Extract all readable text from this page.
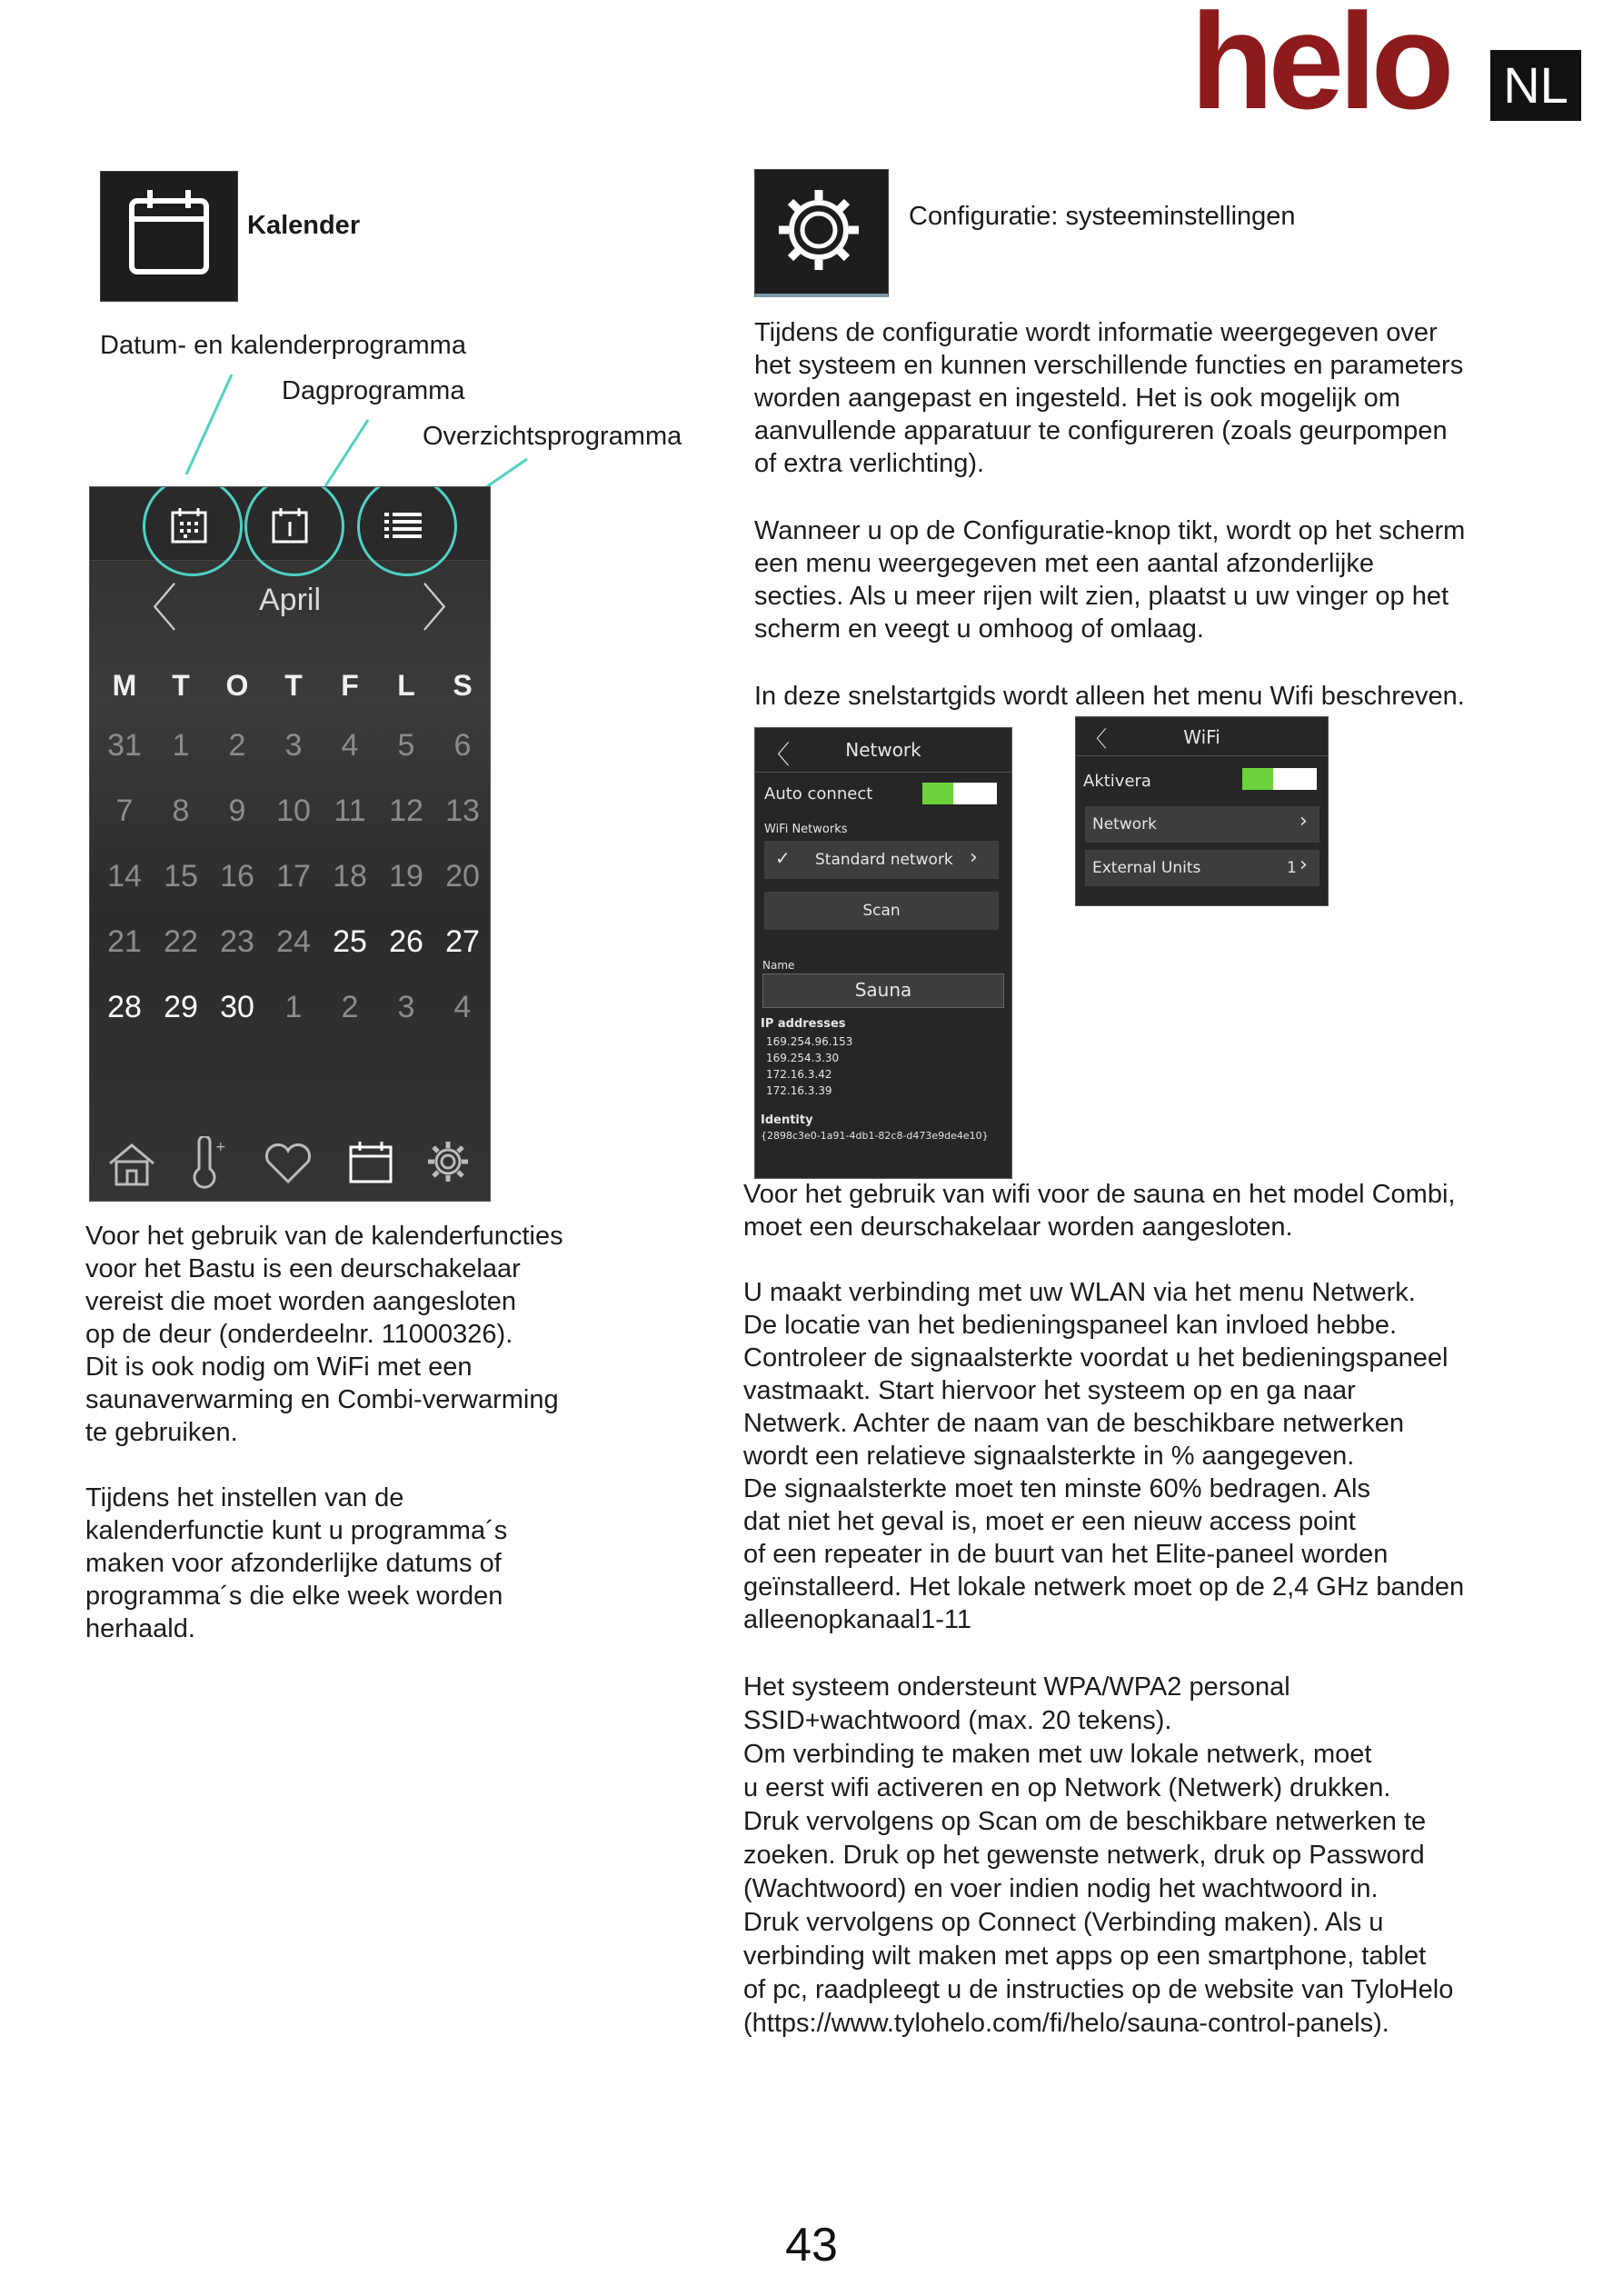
helo NL
Kalender	Configuratie: systeeminstellingen
Datum- en kalenderprogramma
Dagprogramma
Overzichtsprogramma
〈	April	〉
M	T	O	T	F	L	S
31 1	2	3	4	5	6
7	8	9 10 11 12 13
14 15 16 17 18 19 20
21 22 23 24 25 26 27
28 29 30 1	2	3	4
+
Voor het gebruik van de kalenderfuncties
voor het Bastu is een deurschakelaar
vereist die moet worden aangesloten
op de deur (onderdeelnr. 11000326).
Dit is ook nodig om WiFi met een
saunaverwarming en Combi-verwarming
te gebruiken.
Tijdens het instellen van de
kalenderfunctie kunt u programma´s
maken voor afzonderlijke datums of
programma´s die elke week worden
herhaald.
Tijdens de configuratie wordt informatie weergegeven over
het systeem en kunnen verschillende functies en parameters
worden aangepast en ingesteld. Het is ook mogelijk om
aanvullende apparatuur te configureren (zoals geurpompen
of extra verlichting).
Wanneer u op de Configuratie-knop tikt, wordt op het scherm
een menu weergegeven met een aantal afzonderlijke
secties. Als u meer rijen wilt zien, plaatst u uw vinger op het
scherm en veegt u omhoog of omlaag.
In deze snelstartgids wordt alleen het menu Wifi beschreven.
〈	Network
Auto connect
WiFi Networks
✓ Standard network ›
Scan
Name
Sauna
IP addresses
169.254.96.153
169.254.3.30
172.16.3.42
172.16.3.39
Identity
{2898c3e0-1a91-4db1-82c8-d473e9de4e10}
〈	WiFi
Aktivera
Network	›
External Units	1 ›
Voor het gebruik van wifi voor de sauna en het model Combi,
moet een deurschakelaar worden aangesloten.
U maakt verbinding met uw WLAN via het menu Netwerk.
De locatie van het bedieningspaneel kan invloed hebbe.
Controleer de signaalsterkte voordat u het bedieningspaneel
vastmaakt. Start hiervoor het systeem op en ga naar
Netwerk. Achter de naam van de beschikbare netwerken
wordt een relatieve signaalsterkte in % aangegeven.
De signaalsterkte moet ten minste 60% bedragen. Als
dat niet het geval is, moet er een nieuw access point
of een repeater in de buurt van het Elite-paneel worden
geïnstalleerd. Het lokale netwerk moet op de 2,4 GHz banden
alleenopkanaal1-11
Het systeem ondersteunt WPA/WPA2 personal
SSID+wachtwoord (max. 20 tekens).
Om verbinding te maken met uw lokale netwerk, moet
u eerst wifi activeren en op Network (Netwerk) drukken.
Druk vervolgens op Scan om de beschikbare netwerken te
zoeken. Druk op het gewenste netwerk, druk op Password
(Wachtwoord) en voer indien nodig het wachtwoord in.
Druk vervolgens op Connect (Verbinding maken). Als u
verbinding wilt maken met apps op een smartphone, tablet
of pc, raadpleegt u de instructies op de website van TyloHelo
(https://www.tylohelo.com/fi/helo/sauna-control-panels).
43
